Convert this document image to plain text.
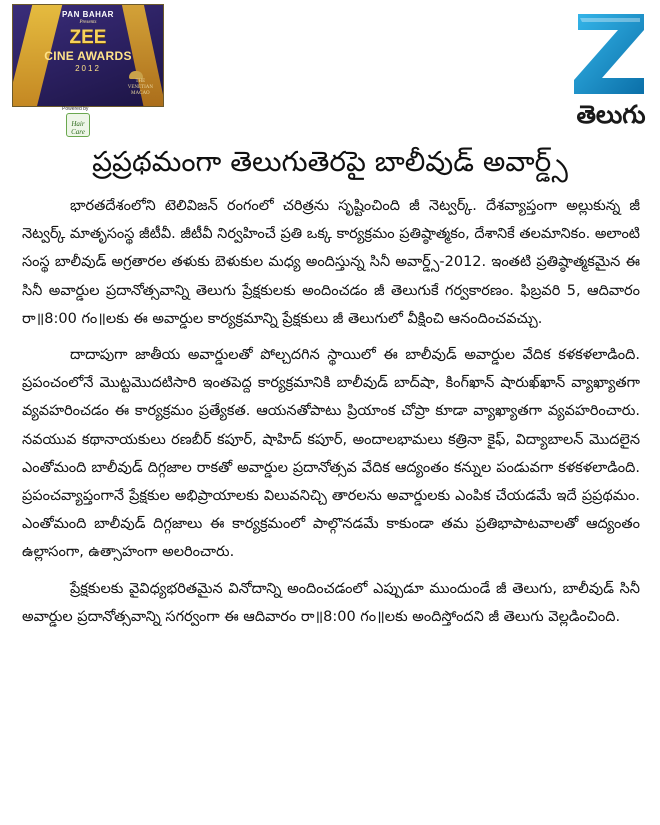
PAN BAHAR
Presents
ZEE
CINE AWARDS
2012
THE
VENETIAN
MACAO
Powered by
Hair Care
తెలుగు
ప్రప్రథమంగా తెలుగుతెరపై బాలీవుడ్ అవార్డ్స్

భారతదేశంలోని టెలివిజన్ రంగంలో చరిత్రను సృష్టించింది జీ నెట్వర్క్. దేశవ్యాప్తంగా అల్లుకున్న జీ నెట్వర్క్ మాతృసంస్థ జీటీవీ. జీటీవీ నిర్వహించే ప్రతి ఒక్క కార్యక్రమం ప్రతిష్ఠాత్మకం, దేశానికే తలమానికం. అలాంటి సంస్థ బాలీవుడ్ అగ్రతారల తళుకు బెళుకుల మధ్య అందిస్తున్న సినీ అవార్డ్స్-2012. ఇంతటి ప్రతిష్ఠాత్మకమైన ఈ సినీ అవార్డుల ప్రదానోత్సవాన్ని తెలుగు ప్రేక్షకులకు అందించడం జీ తెలుగుకే గర్వకారణం. ఫిబ్రవరి 5, ఆదివారం రా॥8:00 గం॥లకు ఈ అవార్డుల కార్యక్రమాన్ని ప్రేక్షకులు జీ తెలుగులో వీక్షించి ఆనందించవచ్చు.

దాదాపుగా జాతీయ అవార్డులతో పోల్చదగిన స్థాయిలో ఈ బాలీవుడ్ అవార్డుల వేదిక కళకళలాడింది. ప్రపంచంలోనే మొట్టమొదటిసారి ఇంతపెద్ద కార్యక్రమానికి బాలీవుడ్ బాద్‌షా, కింగ్‌ఖాన్ షారుఖ్‌ఖాన్ వ్యాఖ్యాతగా వ్యవహరించడం ఈ కార్యక్రమం ప్రత్యేకత. ఆయనతోపాటు ప్రియాంక చోప్రా కూడా వ్యాఖ్యాతగా వ్యవహరించారు. నవయువ కథానాయకులు రణబీర్ కపూర్, షాహిద్ కపూర్, అందాలభామలు కత్రినా కైఫ్, విద్యాబాలన్ మొదలైన ఎంతోమంది బాలీవుడ్ దిగ్గజాల రాకతో అవార్డుల ప్రదానోత్సవ వేదిక ఆద్యంతం కన్నుల పండువగా కళకళలాడింది. ప్రపంచవ్యాప్తంగానే ప్రేక్షకుల అభిప్రాయాలకు విలువనిచ్చి తారలను అవార్డులకు ఎంపిక చేయడమే ఇదే ప్రప్రథమం. ఎంతోమంది బాలీవుడ్ దిగ్గజాలు ఈ కార్యక్రమంలో పాల్గొనడమే కాకుండా తమ ప్రతిభాపాటవాలతో ఆద్యంతం ఉల్లాసంగా, ఉత్సాహంగా అలరించారు.

ప్రేక్షకులకు వైవిధ్యభరితమైన వినోదాన్ని అందించడంలో ఎప్పుడూ ముందుండే జీ తెలుగు, బాలీవుడ్ సినీ అవార్డుల ప్రదానోత్సవాన్ని సగర్వంగా ఈ ఆదివారం రా॥8:00 గం॥లకు అందిస్తోందని జీ తెలుగు వెల్లడించింది.
